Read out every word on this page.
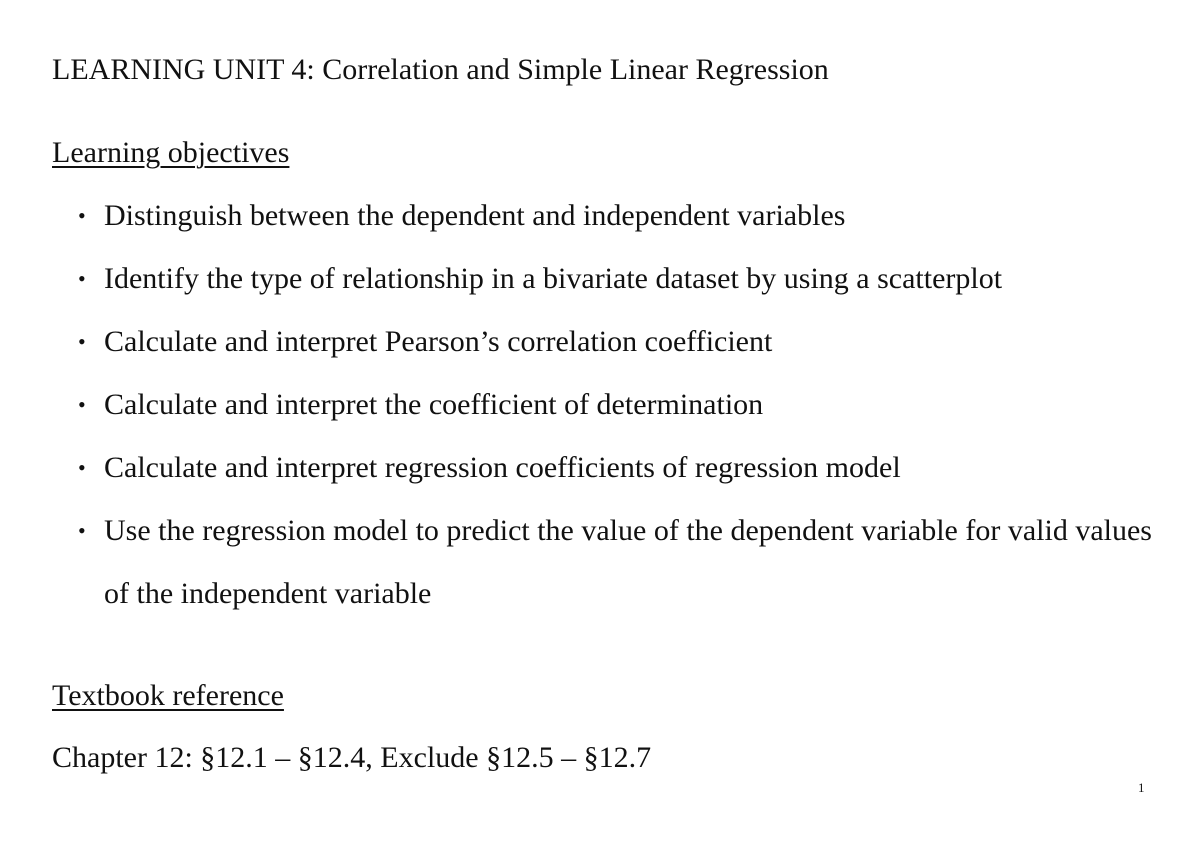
LEARNING UNIT 4: Correlation and Simple Linear Regression
Learning objectives
• Distinguish between the dependent and independent variables
• Identify the type of relationship in a bivariate dataset by using a scatterplot
• Calculate and interpret Pearson’s correlation coefficient
• Calculate and interpret the coefficient of determination
• Calculate and interpret regression coefficients of regression model
• Use the regression model to predict the value of the dependent variable for valid values of the independent variable
Textbook reference
Chapter 12: §12.1 – §12.4, Exclude §12.5 – §12.7
1
